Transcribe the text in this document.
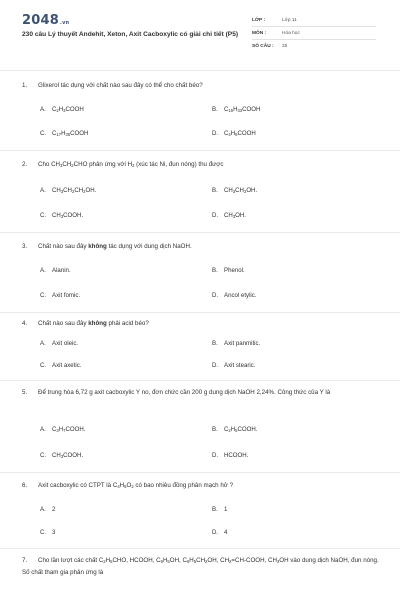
2048.vn
230 câu Lý thuyết Andehit, Xeton, Axit Cacboxylic có giải chi tiết (P5)
LỚP :	Lớp 11
MÔN :	Hóa học
SỐ CÂU :	25
1. Glixerol tác dụng với chất nào sau đây có thể cho chất béo?
A. $C_2H_3COOH$	B. $C_{15}H_{33}COOH$
C. $C_{17}H_{35}COOH$	D. $C_4H_9COOH$
2. Cho $CH_3CH_2CHO$ phản ứng với $H_2$ (xúc tác Ni, đun nóng) thu được
A. $CH_3CH_2CH_2OH$.	B. $CH_3CH_2OH$.
C. $CH_3COOH$.	D. $CH_3OH$.
3. Chất nào sau đây không tác dụng với dung dịch NaOH.
A. Alanin.	B. Phenol.
C. Axit fomic.	D. Ancol etylic.
4. Chất nào sau đây không phải acid béo?
A. Axit oleic.	B. Axit panmitic.
C. Axit axetic.	D. Axit stearic.
5. Để trung hòa 6,72 g axit cacboxylic Y no, đơn chức cần 200 g dung dịch NaOH 2,24%. Công thức của Y là
A. $C_3H_7COOH$.	B. $C_2H_5COOH$.
C. $CH_3COOH$.	D. HCOOH.
6. Axit cacboxylic có CTPT là $C_4H_6O_2$ có bao nhiêu đồng phân mạch hở ?
A. 2	B. 1
C. 3	D. 4
7. Cho lần lượt các chất $C_2H_5CHO$, HCOOH, $C_6H_5OH$, $C_6H_5CH_2OH$, $CH_2=CH$-COOH, $CH_3OH$ vào dung dịch NaOH, đun nóng. Số chất tham gia phản ứng là
